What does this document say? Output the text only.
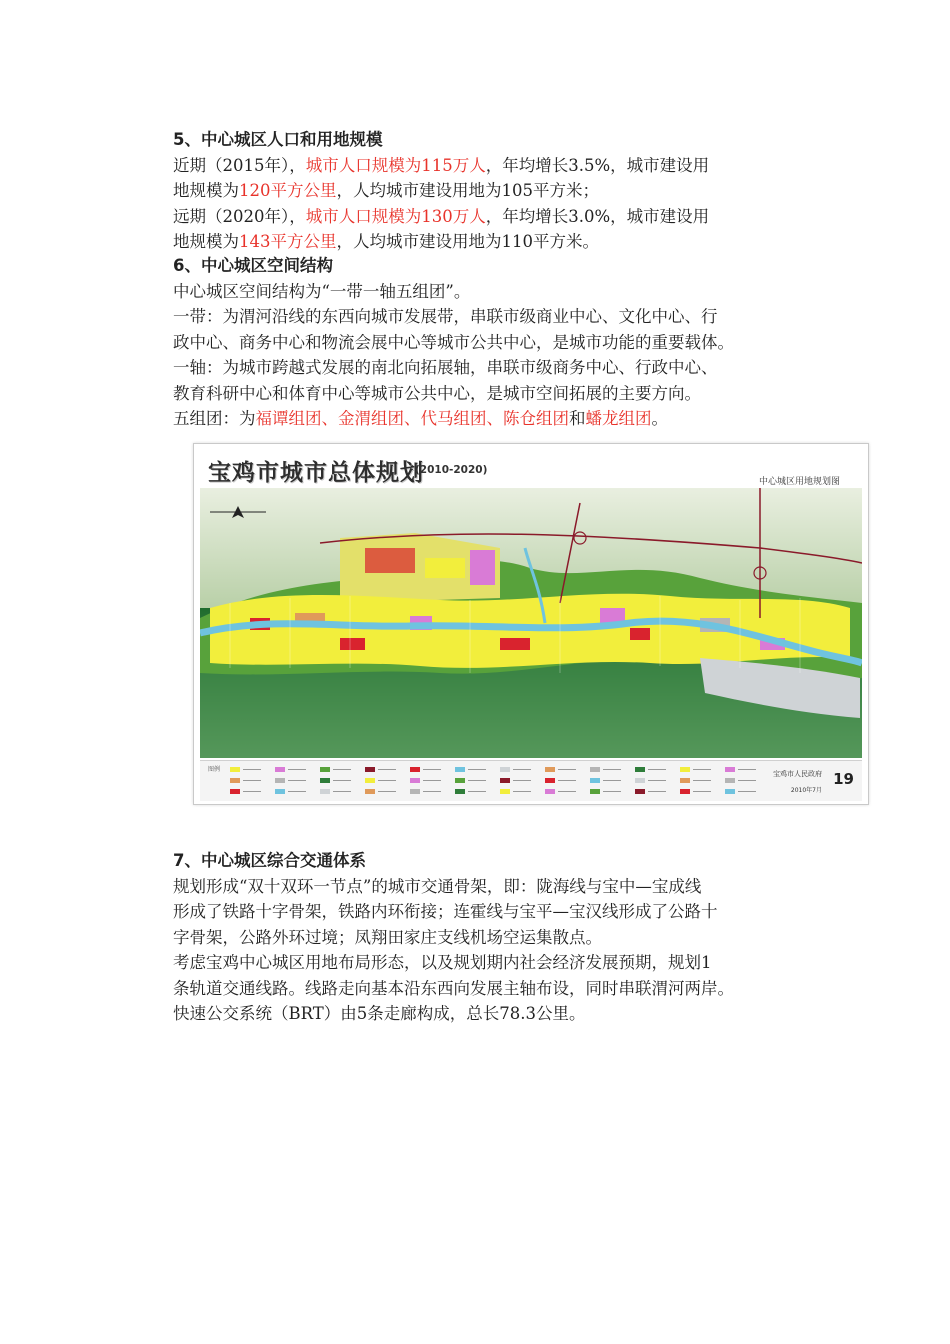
5、中心城区人口和用地规模
近期（2015年），城市人口规模为115万人，年均增长3.5%，城市建设用
地规模为120平方公里，人均城市建设用地为105平方米；
远期（2020年），城市人口规模为130万人，年均增长3.0%，城市建设用
地规模为143平方公里，人均城市建设用地为110平方米。
6、中心城区空间结构
中心城区空间结构为“一带一轴五组团”。
一带：为渭河沿线的东西向城市发展带，串联市级商业中心、文化中心、行
政中心、商务中心和物流会展中心等城市公共中心，是城市功能的重要载体。
一轴：为城市跨越式发展的南北向拓展轴，串联市级商务中心、行政中心、
教育科研中心和体育中心等城市公共中心，是城市空间拓展的主要方向。
五组团：为福谭组团、金渭组团、代马组团、陈仓组团和蟠龙组团。
宝鸡市城市总体规划
(2010-2020)
中心城区用地规划图
图例
宝鸡市人民政府
2010年7月
19
7、中心城区综合交通体系
规划形成“双十双环一节点”的城市交通骨架，即：陇海线与宝中—宝成线
形成了铁路十字骨架，铁路内环衔接；连霍线与宝平—宝汉线形成了公路十
字骨架，公路外环过境；凤翔田家庄支线机场空运集散点。
考虑宝鸡中心城区用地布局形态，以及规划期内社会经济发展预期，规划1
条轨道交通线路。线路走向基本沿东西向发展主轴布设，同时串联渭河两岸。
快速公交系统（BRT）由5条走廊构成，总长78.3公里。
